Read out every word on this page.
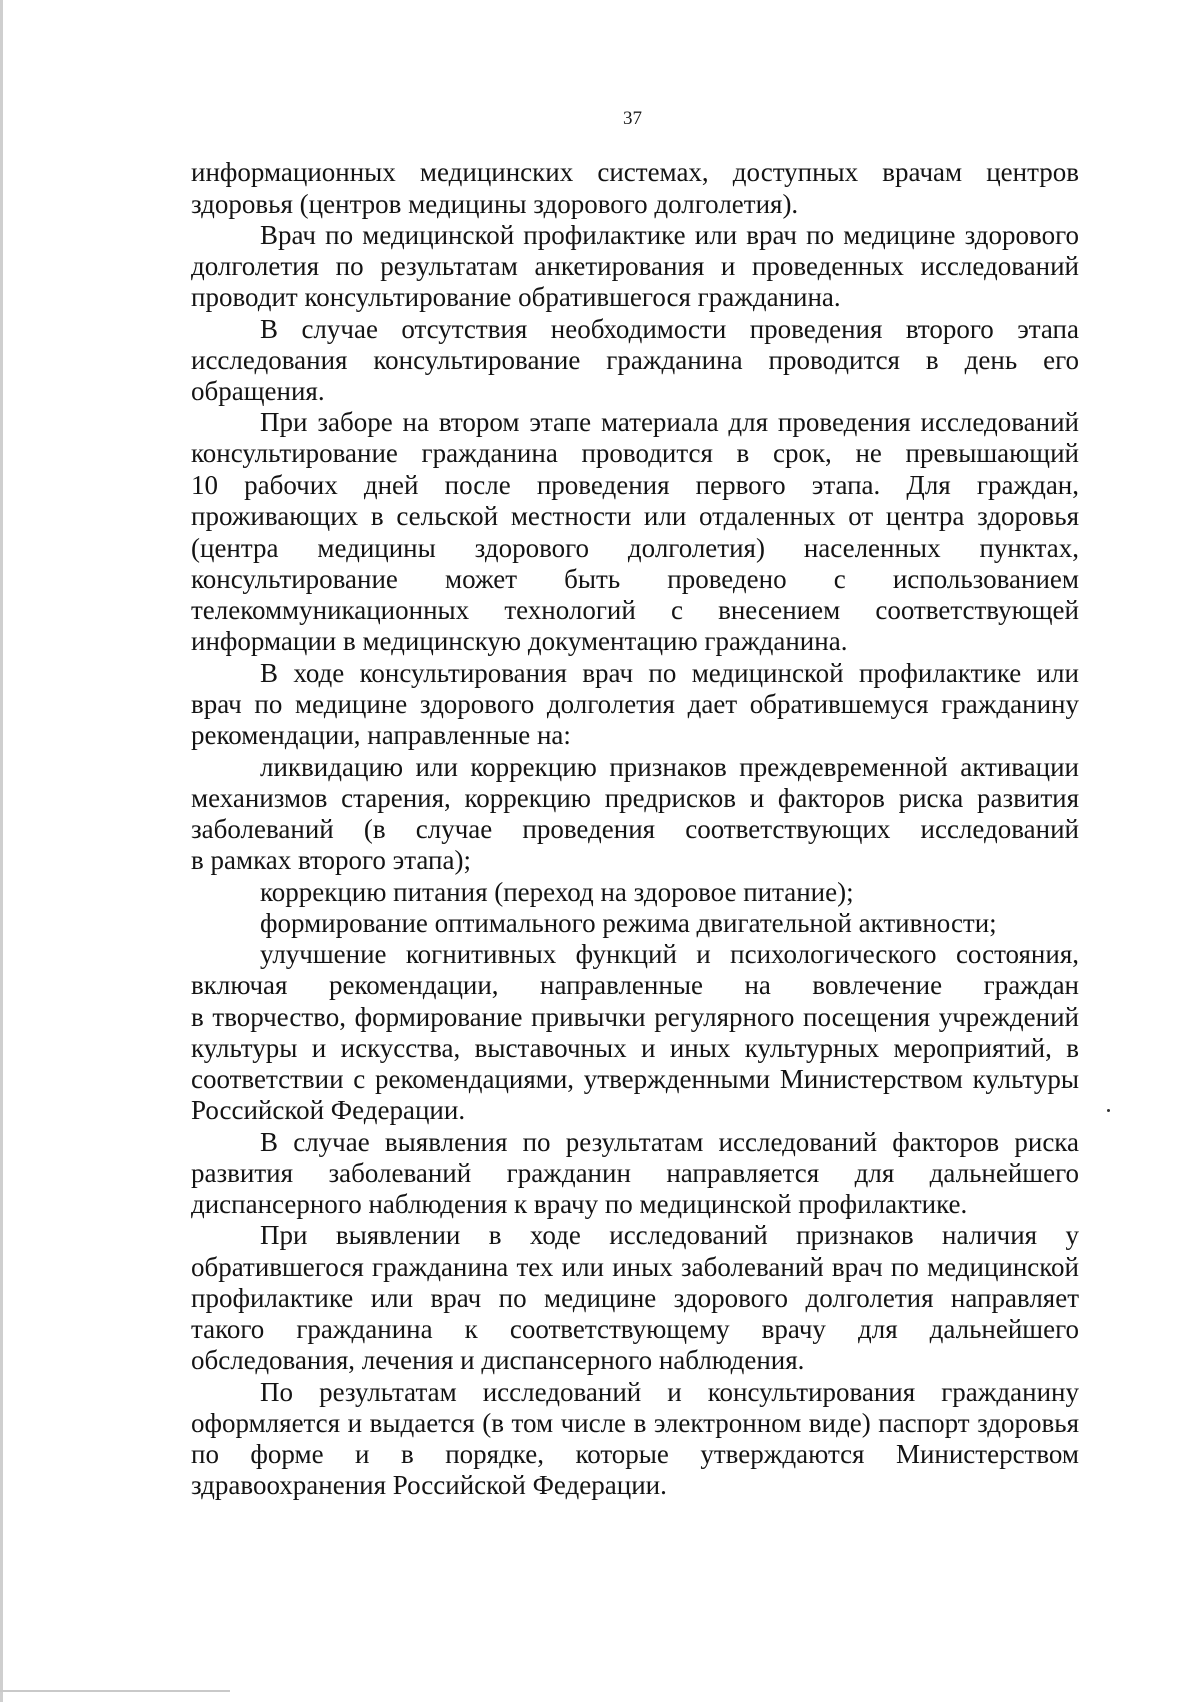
37
информационных медицинских системах, доступных врачам центров
здоровья (центров медицины здорового долголетия).
Врач по медицинской профилактике или врач по медицине здорового
долголетия по результатам анкетирования и проведенных исследований
проводит консультирование обратившегося гражданина.
В случае отсутствия необходимости проведения второго этапа
исследования консультирование гражданина проводится в день его
обращения.
При заборе на втором этапе материала для проведения исследований
консультирование гражданина проводится в срок, не превышающий
10 рабочих дней после проведения первого этапа. Для граждан,
проживающих в сельской местности или отдаленных от центра здоровья
(центра медицины здорового долголетия) населенных пунктах,
консультирование может быть проведено с использованием
телекоммуникационных технологий с внесением соответствующей
информации в медицинскую документацию гражданина.
В ходе консультирования врач по медицинской профилактике или
врач по медицине здорового долголетия дает обратившемуся гражданину
рекомендации, направленные на:
ликвидацию или коррекцию признаков преждевременной активации
механизмов старения, коррекцию предрисков и факторов риска развития
заболеваний (в случае проведения соответствующих исследований
в рамках второго этапа);
коррекцию питания (переход на здоровое питание);
формирование оптимального режима двигательной активности;
улучшение когнитивных функций и психологического состояния,
включая рекомендации, направленные на вовлечение граждан
в творчество, формирование привычки регулярного посещения учреждений
культуры и искусства, выставочных и иных культурных мероприятий, в
соответствии с рекомендациями, утвержденными Министерством культуры
Российской Федерации.
В случае выявления по результатам исследований факторов риска
развития заболеваний гражданин направляется для дальнейшего
диспансерного наблюдения к врачу по медицинской профилактике.
При выявлении в ходе исследований признаков наличия у
обратившегося гражданина тех или иных заболеваний врач по медицинской
профилактике или врач по медицине здорового долголетия направляет
такого гражданина к соответствующему врачу для дальнейшего
обследования, лечения и диспансерного наблюдения.
По результатам исследований и консультирования гражданину
оформляется и выдается (в том числе в электронном виде) паспорт здоровья
по форме и в порядке, которые утверждаются Министерством
здравоохранения Российской Федерации.
